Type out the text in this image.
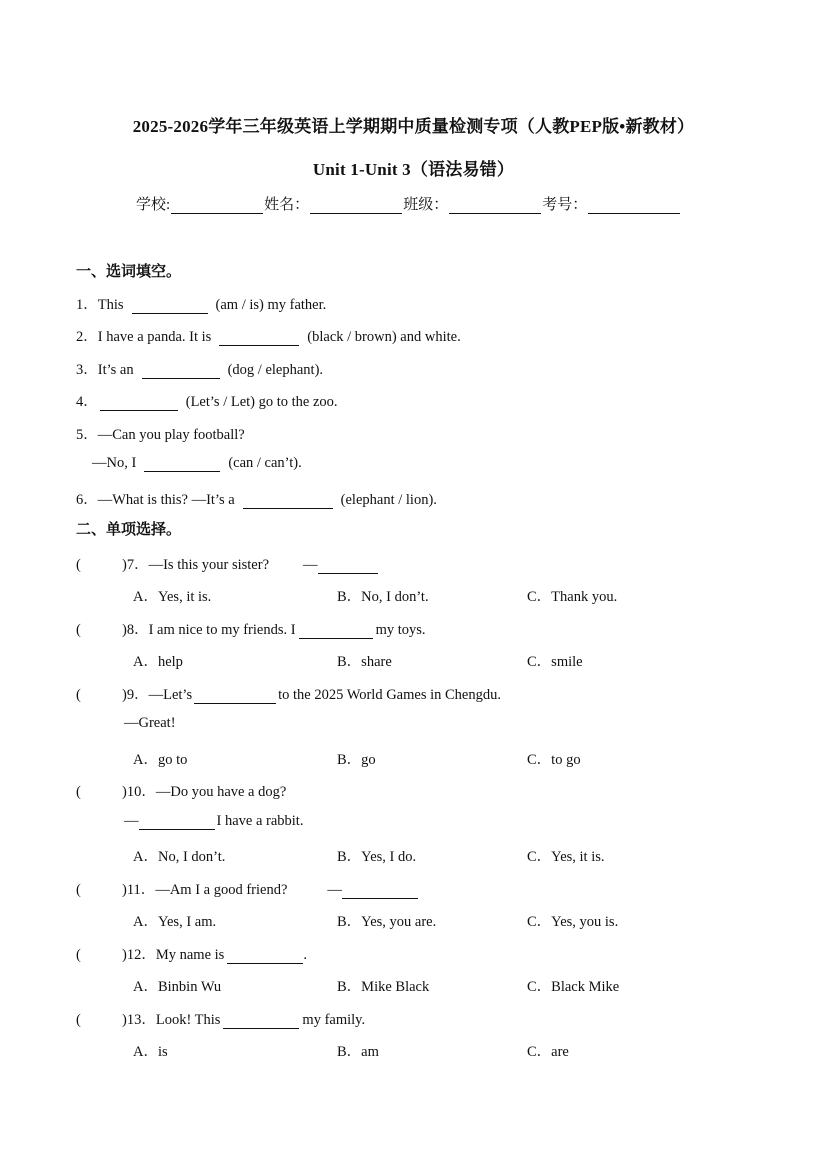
2025-2026学年三年级英语上学期期中质量检测专项（人教PEP版•新教材）
Unit 1-Unit 3（语法易错）
学校:	姓名：	班级：	考号：
一、选词填空。
1． This	(am / is) my father.
2． I have a panda. It is	(black / brown) and white.
3． It’s an	(dog / elephant).
4．	(Let’s / Let) go to the zoo.
5． —Can you play football?
—No, I	(can / can’t).
6． —What is this? —It’s a	(elephant / lion).
二、单项选择。
(	) 7． —Is this your sister? —
A．Yes, it is.	B．No, I don’t.	C．Thank you.
(	) 8． I am nice to my friends. I	my toys.
A．help	B．share	C．smile
(	) 9． —Let’s	to the 2025 World Games in Chengdu.
—Great!
A．go to	B．go	C．to go
(	) 10． —Do you have a dog?
—	I have a rabbit.
A．No, I don’t.	B．Yes, I do.	C．Yes, it is.
(	) 11． —Am I a good friend?	—
A．Yes, I am.	B．Yes, you are.	C．Yes, you is.
(	) 12． My name is	.
A．Binbin Wu	B．Mike Black	C．Black Mike
(	) 13． Look! This	my family.
A．is	B．am	C．are
